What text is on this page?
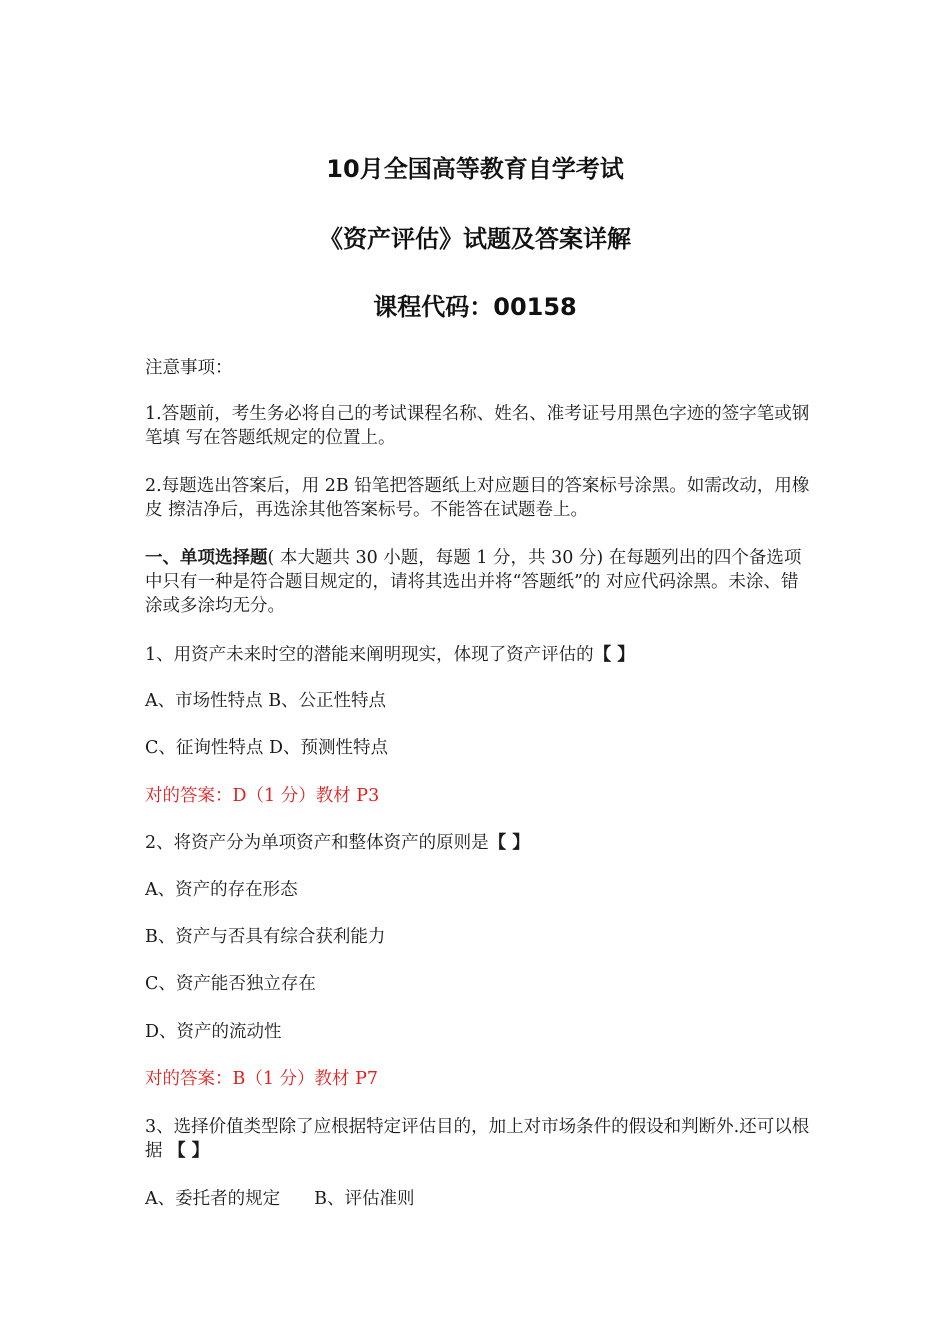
10月全国高等教育自学考试
《资产评估》试题及答案详解
课程代码：00158

注意事项：

1.答题前，考生务必将自己的考试课程名称、姓名、准考证号用黑色字迹的签字笔或钢笔填 写在答题纸规定的位置上。

2.每题选出答案后，用 2B 铅笔把答题纸上对应题目的答案标号涂黑。如需改动，用橡皮 擦洁净后，再选涂其他答案标号。不能答在试题卷上。

一、单项选择题( 本大题共 30 小题，每题 1 分，共 30 分) 在每题列出的四个备选项中只有一种是符合题目规定的，请将其选出并将“答题纸”的 对应代码涂黑。未涂、错涂或多涂均无分。

1、用资产未来时空的潜能来阐明现实，体现了资产评估的【 】

A、市场性特点 B、公正性特点

C、征询性特点 D、预测性特点

对的答案：D（1 分）教材 P3

2、将资产分为单项资产和整体资产的原则是【 】

A、资产的存在形态

B、资产与否具有综合获利能力

C、资产能否独立存在

D、资产的流动性

对的答案：B（1 分）教材 P7

3、选择价值类型除了应根据特定评估目的，加上对市场条件的假设和判断外.还可以根据 【 】

A、委托者的规定 B、评估准则
